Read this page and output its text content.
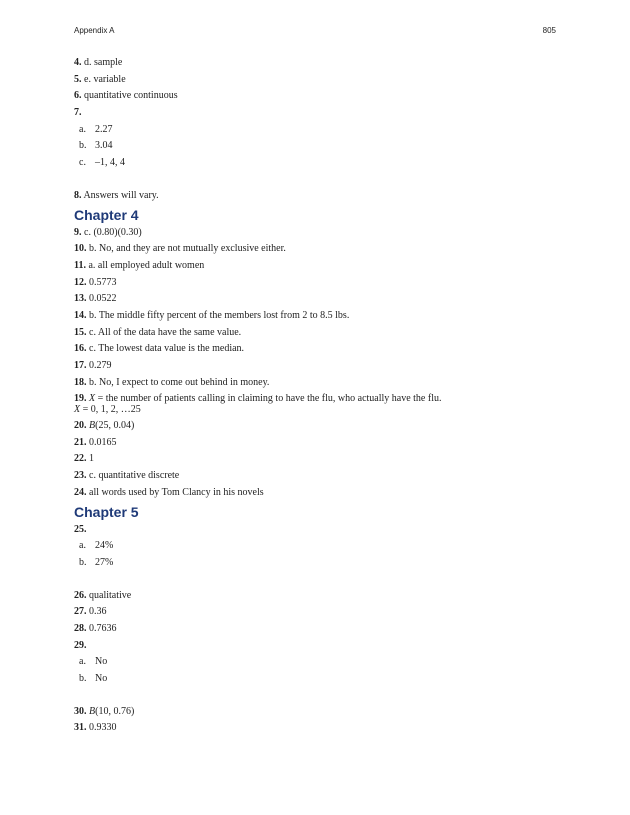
Appendix A	805
4. d. sample
5. e. variable
6. quantitative continuous
7.
a. 2.27
b. 3.04
c. –1, 4, 4
8. Answers will vary.
Chapter 4
9. c. (0.80)(0.30)
10. b. No, and they are not mutually exclusive either.
11. a. all employed adult women
12. 0.5773
13. 0.0522
14. b. The middle fifty percent of the members lost from 2 to 8.5 lbs.
15. c. All of the data have the same value.
16. c. The lowest data value is the median.
17. 0.279
18. b. No, I expect to come out behind in money.
19. X = the number of patients calling in claiming to have the flu, who actually have the flu.
X = 0, 1, 2, …25
20. B(25, 0.04)
21. 0.0165
22. 1
23. c. quantitative discrete
24. all words used by Tom Clancy in his novels
Chapter 5
25.
a. 24%
b. 27%
26. qualitative
27. 0.36
28. 0.7636
29.
a. No
b. No
30. B(10, 0.76)
31. 0.9330
